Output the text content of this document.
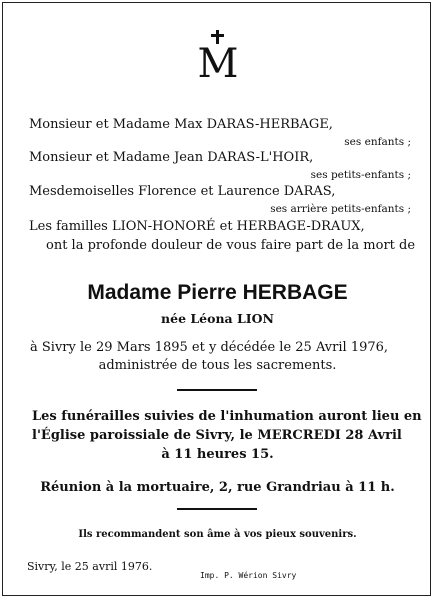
M
Monsieur et Madame Max DARAS-HERBAGE,
ses enfants ;
Monsieur et Madame Jean DARAS-L'HOIR,
ses petits-enfants ;
Mesdemoiselles Florence et Laurence DARAS,
ses arrière petits-enfants ;
Les familles LION-HONORÉ et HERBAGE-DRAUX,
ont la profonde douleur de vous faire part de la mort de
Madame Pierre HERBAGE
née Léona LION
à Sivry le 29 Mars 1895 et y décédée le 25 Avril 1976,
administrée de tous les sacrements.
Les funérailles suivies de l'inhumation auront lieu en
l'Église paroissiale de Sivry, le MERCREDI 28 Avril
à 11 heures 15.
Réunion à la mortuaire, 2, rue Grandriau à 11 h.
Ils recommandent son âme à vos pieux souvenirs.
Sivry, le 25 avril 1976.
Imp. P. Wérion Sivry
